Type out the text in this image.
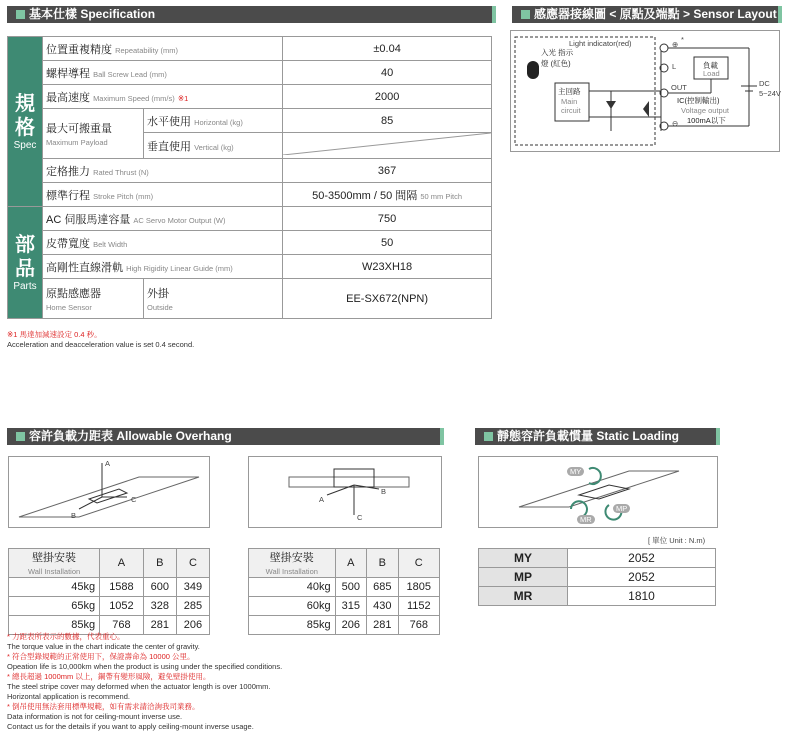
基本仕樣 Specification	感應器接線圖 < 原點及端點 > Sensor Layout
容許負載力距表 Allowable Overhang	靜態容許負載慣量 Static Loading Moment
規
格
Spec	位置重複精度 Repeatability (mm)		±0.04
	螺桿導程 Ball Screw Lead (mm)		40
	最高速度 Maximum Speed (mm/s) ※1		2000
	最大可搬重量
Maximum Payload	水平使用 Horizontal (kg)	85
		垂直使用 Vertical (kg)	
	定格推力 Rated Thrust (N)		367
	標準行程 Stroke Pitch (mm)		50-3500mm / 50 間隔 50 mm Pitch

部
品
Parts	AC 伺服馬達容量 AC Servo Motor Output (W)		750
	皮帶寬度 Belt Width		50
	高剛性直線滑軌 High Rigidity Linear Guide (mm)		W23XH18
	原點感應器
Home Sensor	外掛
Outside	EE-SX672(NPN)
※1 馬達加減速設定 0.4 秒。
Acceleration and deacceleration value is set 0.4 second.
Light indicator(red)
入光 指示燈 (紅色)
主回路
Main circuit
負載
Load
⊕
*
L
OUT
⊖
DC
5~24V
IC(控制輸出)
Voltage output
100mA以下
A
C
B
A
B
C
壁掛安裝
Wall Installation	A	B	C
45kg	1588	600	349
65kg	1052	328	285
85kg	768	281	206
壁掛安裝
Wall Installation	A	B	C
40kg	500	685	1805
60kg	315	430	1152
85kg	206	281	768
MY
MP
MR
[ 單位 Unit : N.m)
MY	2052
MP	2052
MR	1810
* 力距表所表示的數據，代表重心。
The torque value in the chart indicate the center of gravity.
* 符合型錄規範的正常使用下，保證壽命為 10000 公里。
Opeation life is 10,000km when the product is using under the specified conditions.
* 總長超過 1000mm 以上，鋼帶有變形風險，避免壁掛使用。
The steel stripe cover may deformed when the actuator length is over 1000mm.
Horizontal application is recommend.
* 倒吊使用無法套用標準規範，如有需求請洽詢我司業務。
Data information is not for ceiling-mount inverse use.
Contact us for the details if you want to apply ceiling-mount inverse usage.
